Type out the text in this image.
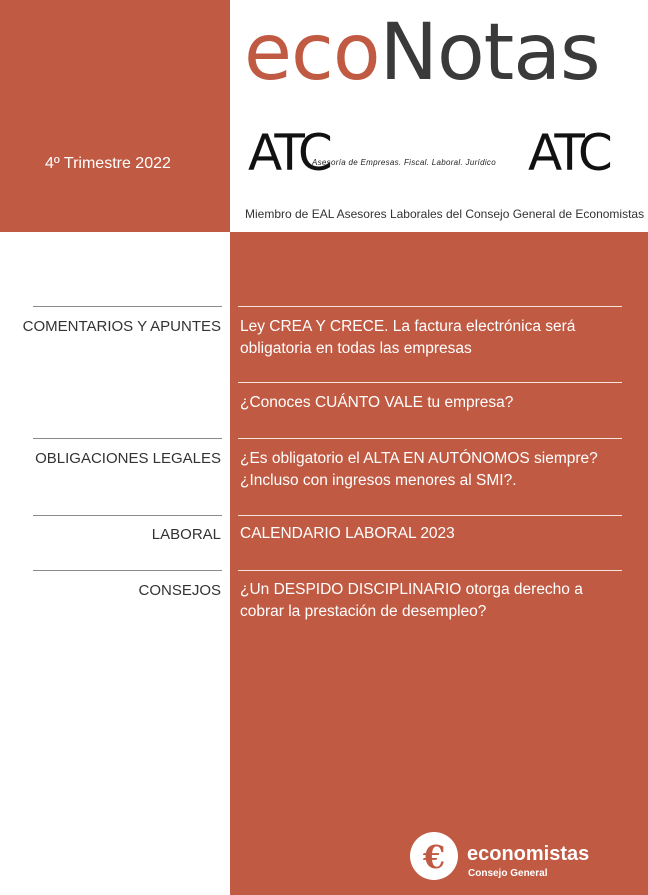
4º Trimestre 2022
ecoNotas
ATC
Asesoría de Empresas. Fiscal. Laboral. Jurídico ATC
Miembro de EAL Asesores Laborales del Consejo General de Economistas
COMENTARIOS Y APUNTES Ley CREA Y CRECE. La factura electrónica será obligatoria en todas las empresas
¿Conoces CUÁNTO VALE tu empresa?
OBLIGACIONES LEGALES ¿Es obligatorio el ALTA EN AUTÓNOMOS siempre? ¿Incluso con ingresos menores al SMI?.
LABORAL CALENDARIO LABORAL 2023
CONSEJOS ¿Un DESPIDO DISCIPLINARIO otorga derecho a cobrar la prestación de desempleo?
€ economistas
Consejo General
